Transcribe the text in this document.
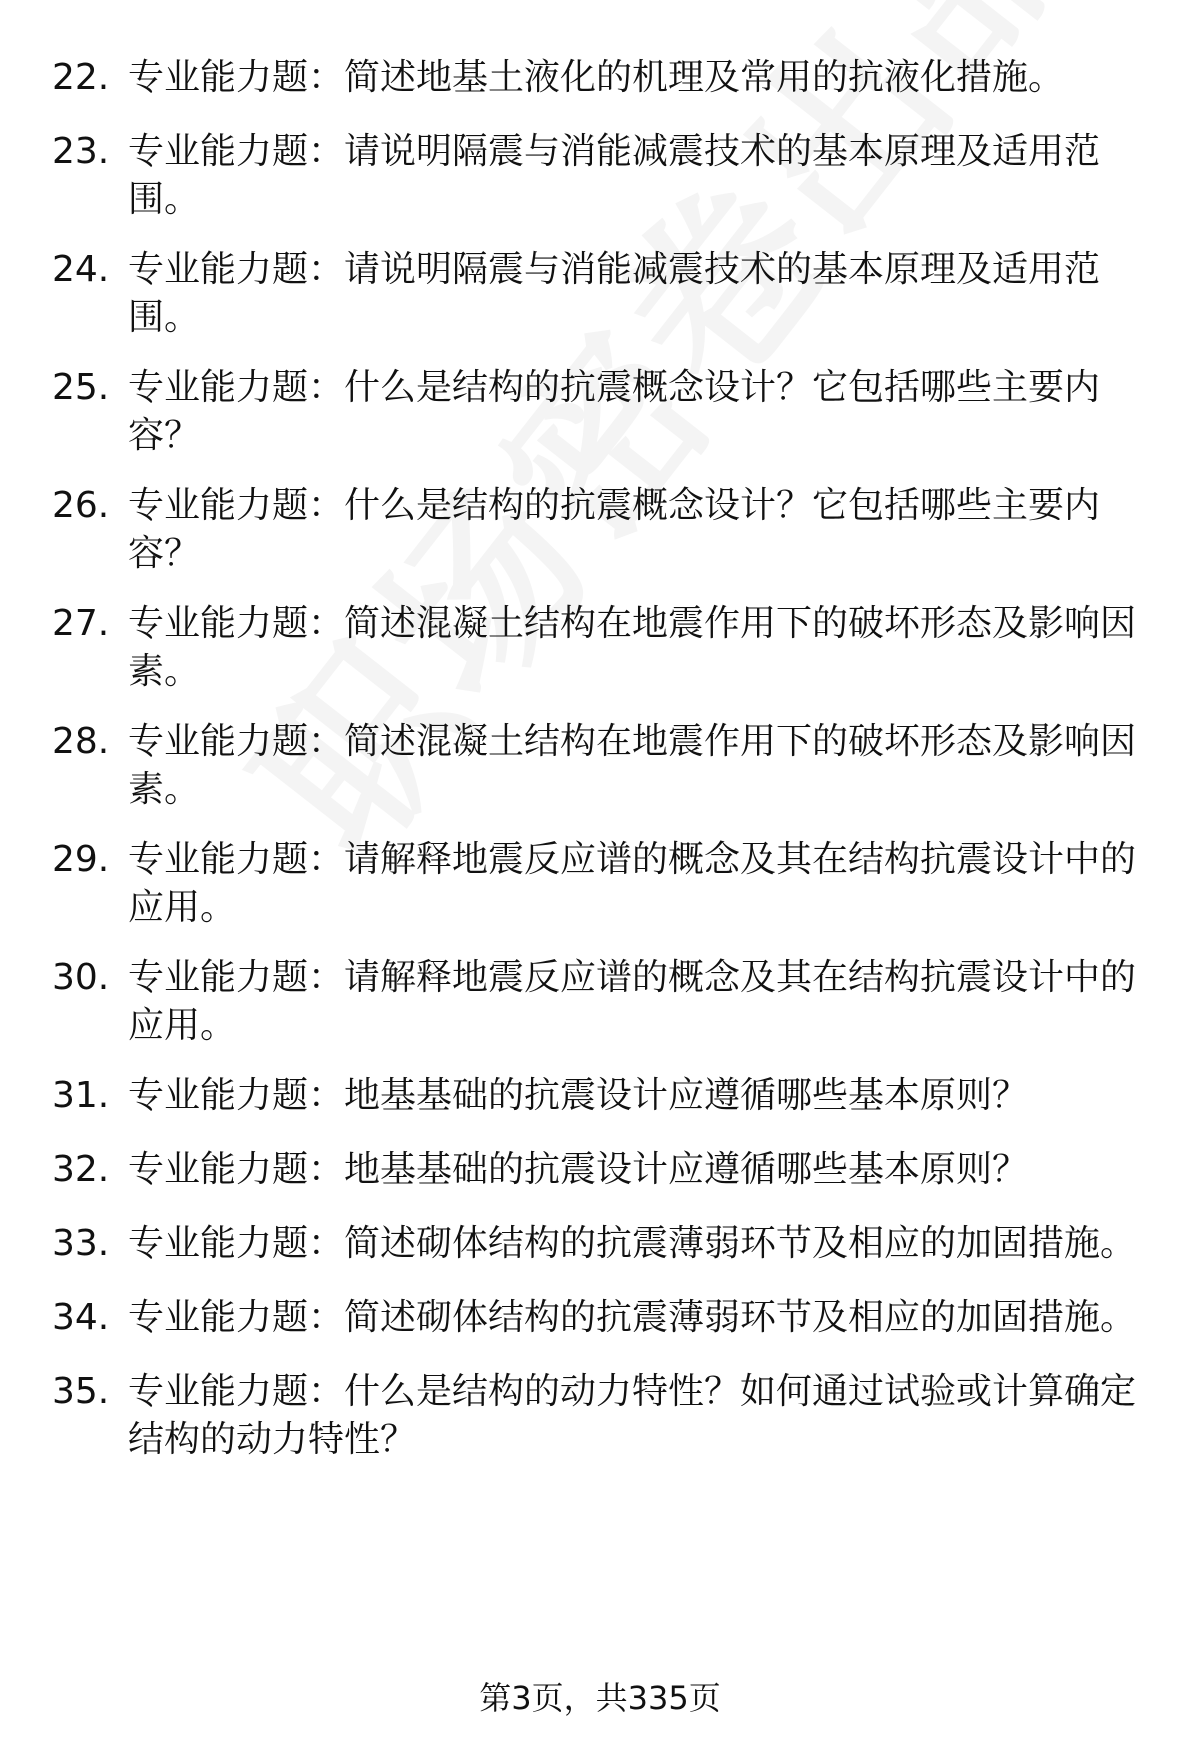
22. 专业能力题：简述地基土液化的机理及常用的抗液化措施。
23. 专业能力题：请说明隔震与消能减震技术的基本原理及适用范围。
24. 专业能力题：请说明隔震与消能减震技术的基本原理及适用范围。
25. 专业能力题：什么是结构的抗震概念设计？它包括哪些主要内容？
26. 专业能力题：什么是结构的抗震概念设计？它包括哪些主要内容？
27. 专业能力题：简述混凝土结构在地震作用下的破坏形态及影响因素。
28. 专业能力题：简述混凝土结构在地震作用下的破坏形态及影响因素。
29. 专业能力题：请解释地震反应谱的概念及其在结构抗震设计中的应用。
30. 专业能力题：请解释地震反应谱的概念及其在结构抗震设计中的应用。
31. 专业能力题：地基基础的抗震设计应遵循哪些基本原则？
32. 专业能力题：地基基础的抗震设计应遵循哪些基本原则？
33. 专业能力题：简述砌体结构的抗震薄弱环节及相应的加固措施。
34. 专业能力题：简述砌体结构的抗震薄弱环节及相应的加固措施。
35. 专业能力题：什么是结构的动力特性？如何通过试验或计算确定结构的动力特性？
第3页，共335页
